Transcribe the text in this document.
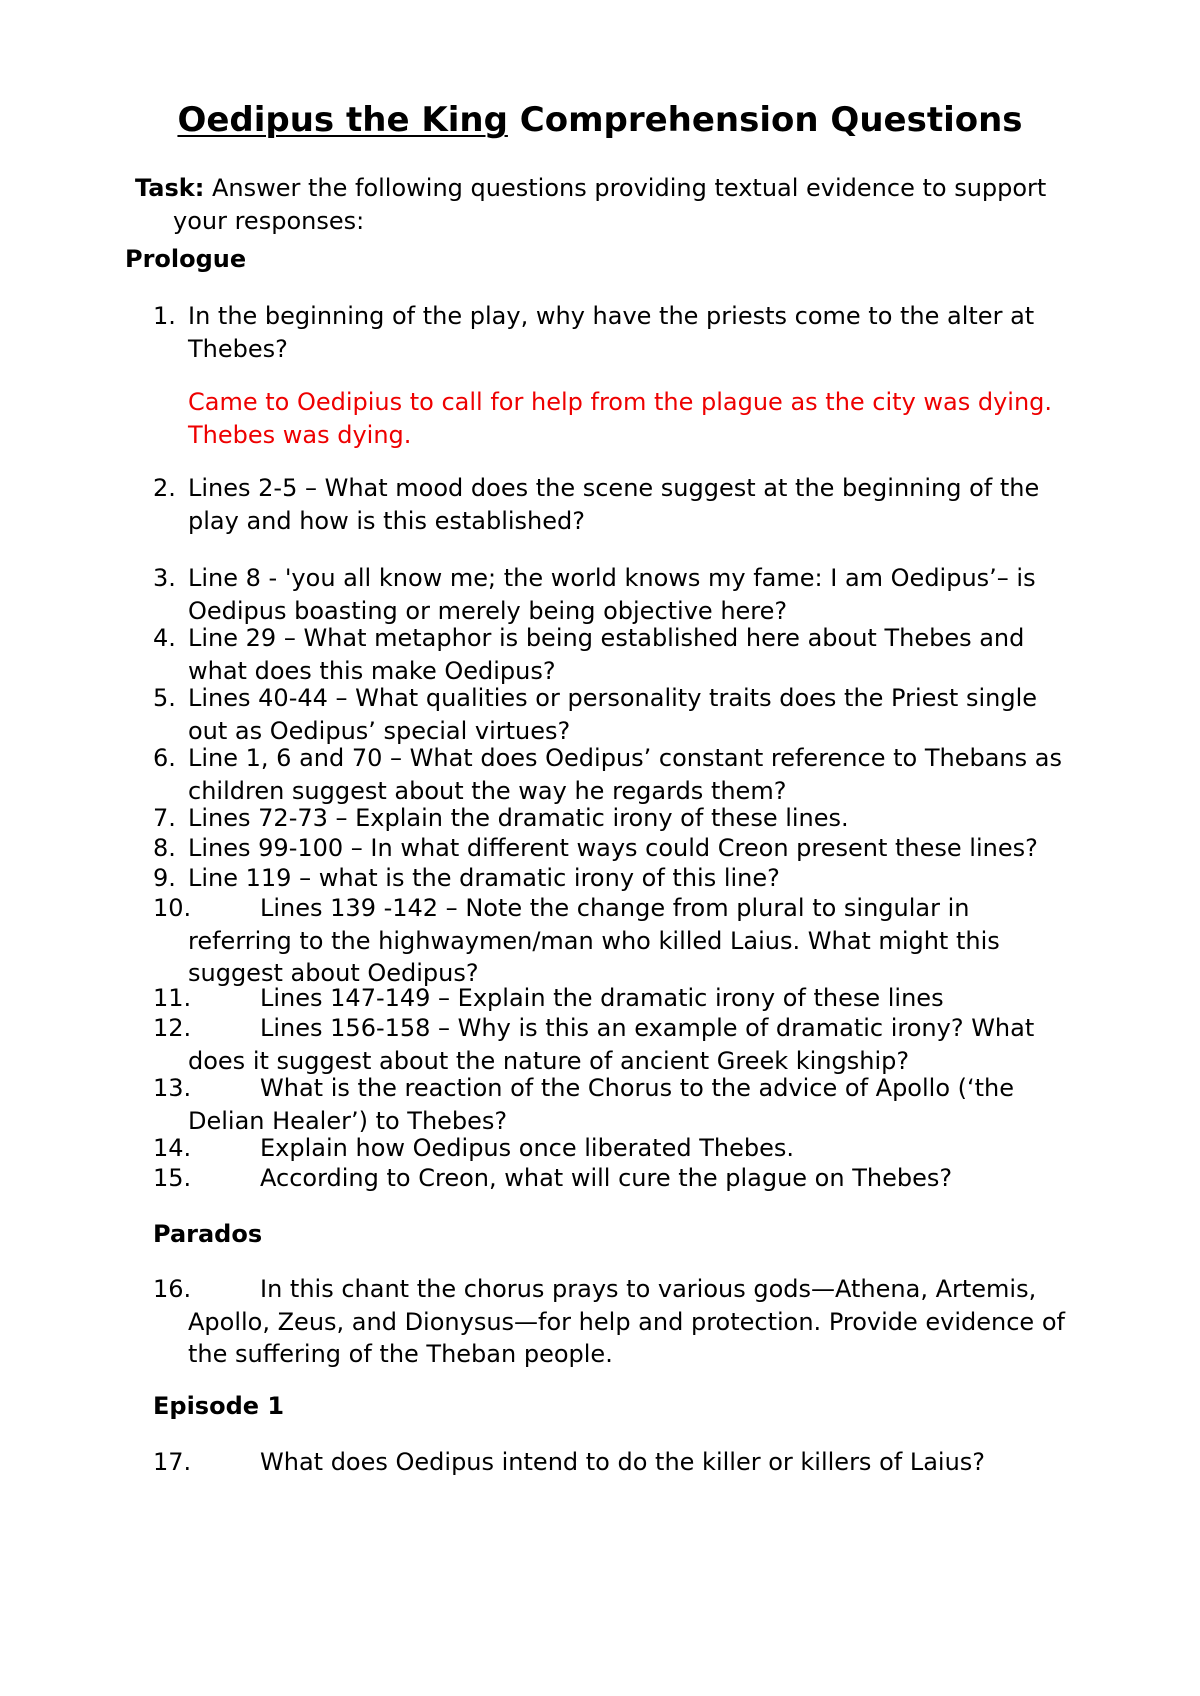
Oedipus the King Comprehension Questions
Task: Answer the following questions providing textual evidence to support
your responses:
Prologue
1. In the beginning of the play, why have the priests come to the alter at
Thebes?
Came to Oedipius to call for help from the plague as the city was dying.
Thebes was dying.
2. Lines 2-5 – What mood does the scene suggest at the beginning of the
play and how is this established?
3. Line 8 - 'you all know me; the world knows my fame: I am Oedipus’– is
Oedipus boasting or merely being objective here?
4. Line 29 – What metaphor is being established here about Thebes and
what does this make Oedipus?
5. Lines 40-44 – What qualities or personality traits does the Priest single
out as Oedipus’ special virtues?
6. Line 1, 6 and 70 – What does Oedipus’ constant reference to Thebans as
children suggest about the way he regards them?
7. Lines 72-73 – Explain the dramatic irony of these lines.
8. Lines 99-100 – In what different ways could Creon present these lines?
9. Line 119 – what is the dramatic irony of this line?
10.	Lines 139 -142 – Note the change from plural to singular in
referring to the highwaymen/man who killed Laius. What might this
suggest about Oedipus?
11.	Lines 147-149 – Explain the dramatic irony of these lines
12.	Lines 156-158 – Why is this an example of dramatic irony? What
does it suggest about the nature of ancient Greek kingship?
13.	What is the reaction of the Chorus to the advice of Apollo (‘the
Delian Healer’) to Thebes?
14.	Explain how Oedipus once liberated Thebes.
15.	According to Creon, what will cure the plague on Thebes?
Parados
16.	In this chant the chorus prays to various gods—Athena, Artemis,
Apollo, Zeus, and Dionysus—for help and protection. Provide evidence of
the suffering of the Theban people.
Episode 1
17.	What does Oedipus intend to do the killer or killers of Laius?
